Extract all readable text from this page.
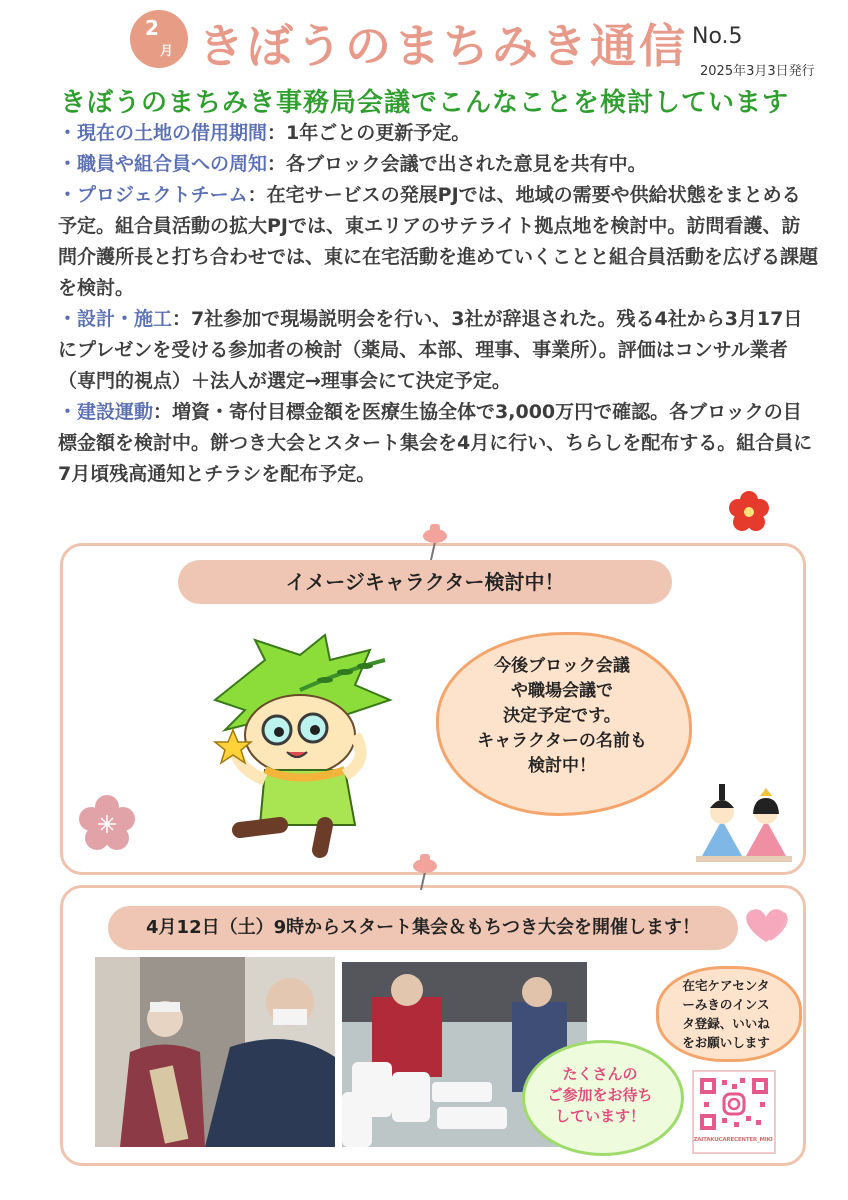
2
月 きぼうのまちみき通信 No.5
2025年3月3日発行
きぼうのまちみき事務局会議でこんなことを検討しています

・現在の土地の借用期間：1年ごとの更新予定。

・職員や組合員への周知：各ブロック会議で出された意見を共有中。

・プロジェクトチーム：在宅サービスの発展PJでは、地域の需要や供給状態をまとめる予定。組合員活動の拡大PJでは、東エリアのサテライト拠点地を検討中。訪問看護、訪問介護所長と打ち合わせでは、東に在宅活動を進めていくことと組合員活動を広げる課題を検討。

・設計・施工：7社参加で現場説明会を行い、3社が辞退された。残る4社から3月17日にプレゼンを受ける参加者の検討（薬局、本部、理事、事業所）。評価はコンサル業者（専門的視点）＋法人が選定→理事会にて決定予定。

・建設運動：増資・寄付目標金額を医療生協全体で3,000万円で確認。各ブロックの目標金額を検討中。餅つき大会とスタート集会を4月に行い、ちらしを配布する。組合員に7月頃残高通知とチラシを配布予定。

イメージキャラクター検討中！
今後ブロック会議
や職場会議で
決定予定です。
キャラクターの名前も
検討中！
4月12日（土）9時からスタート集会＆もちつき大会を開催します！
たくさんの
ご参加をお待ち
しています！
在宅ケアセンタ
ーみきのインス
タ登録、いいね
をお願いします
ZAITAKUCARECENTER_MIKI
